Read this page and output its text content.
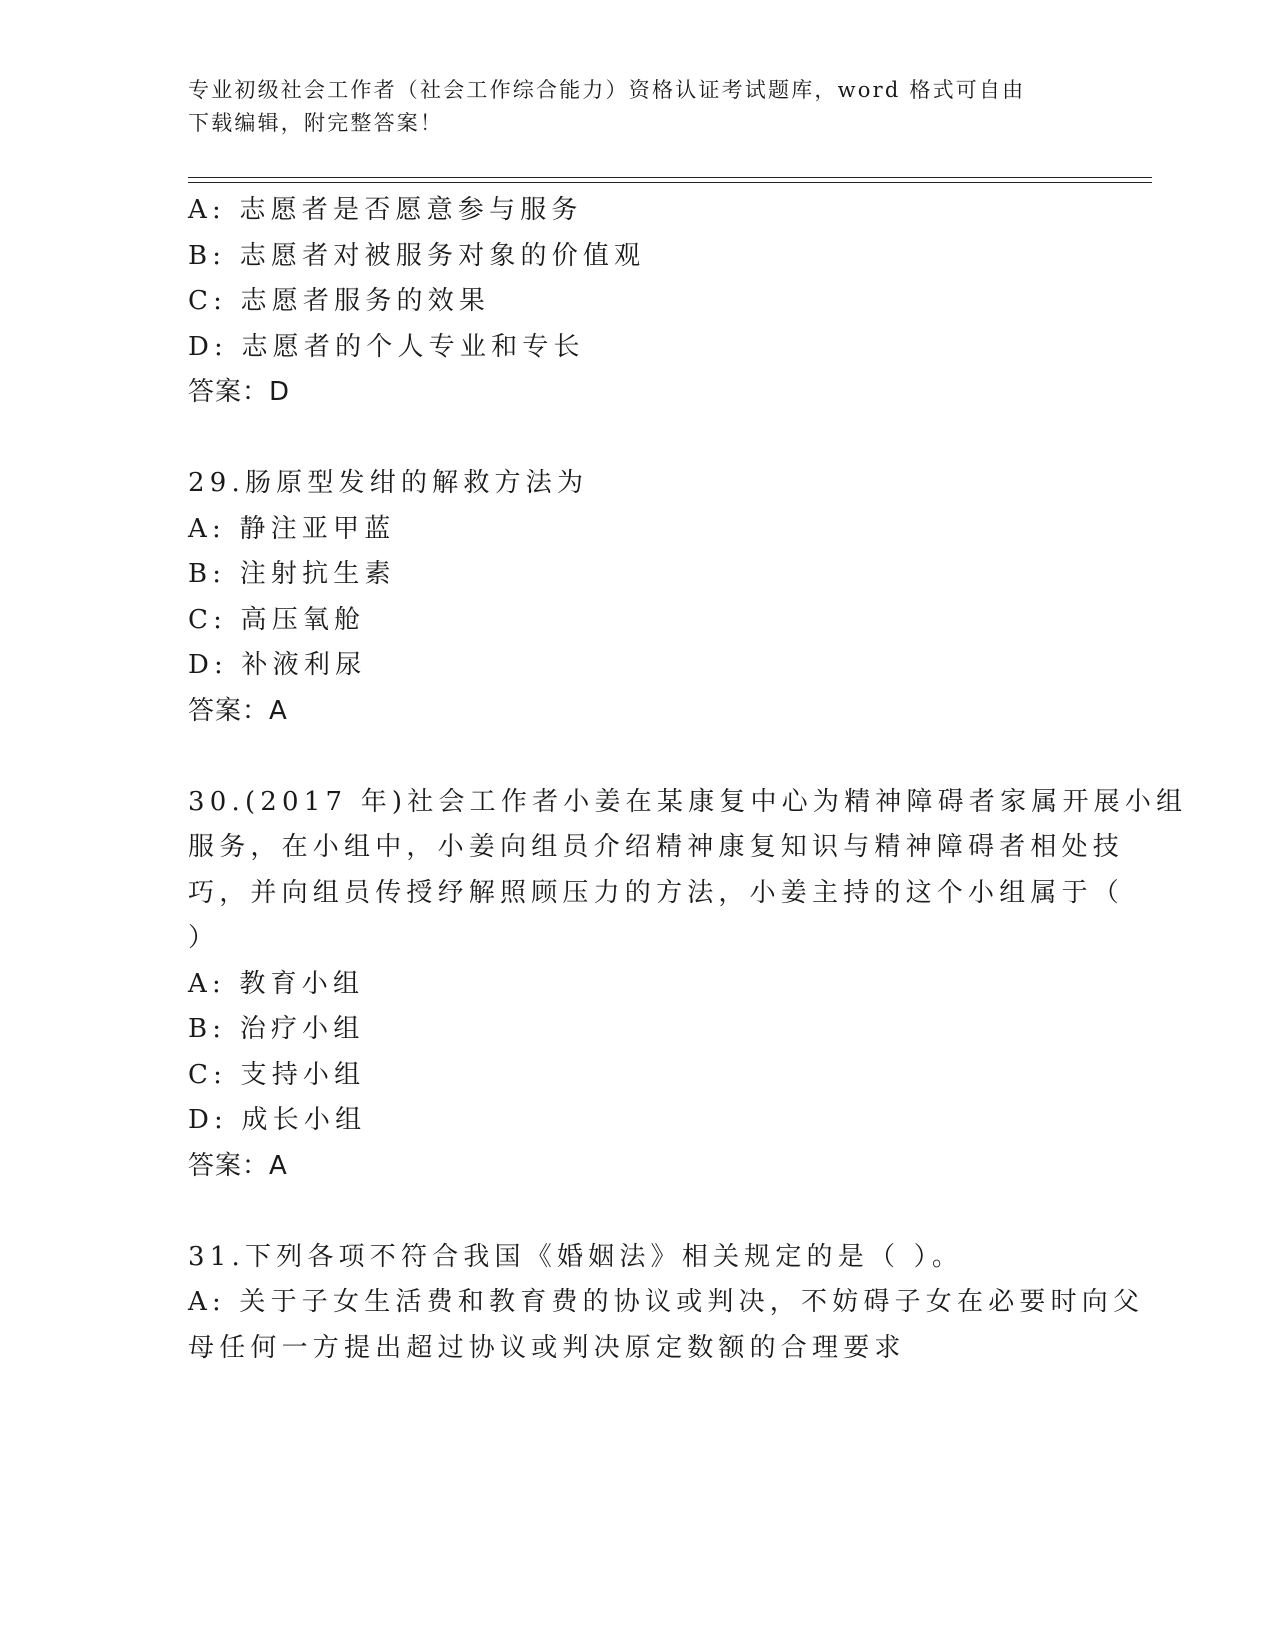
专业初级社会工作者（社会工作综合能力）资格认证考试题库，word 格式可自由
下载编辑，附完整答案！
A: 志愿者是否愿意参与服务
B: 志愿者对被服务对象的价值观
C: 志愿者服务的效果
D: 志愿者的个人专业和专长
答案：D
29.肠原型发绀的解救方法为
A: 静注亚甲蓝
B: 注射抗生素
C: 高压氧舱
D: 补液利尿
答案：A
30.(2017 年)社会工作者小姜在某康复中心为精神障碍者家属开展小组
服务，在小组中，小姜向组员介绍精神康复知识与精神障碍者相处技
巧，并向组员传授纾解照顾压力的方法，小姜主持的这个小组属于（
）
A: 教育小组
B: 治疗小组
C: 支持小组
D: 成长小组
答案：A
31.下列各项不符合我国《婚姻法》相关规定的是（ ）。
A: 关于子女生活费和教育费的协议或判决，不妨碍子女在必要时向父
母任何一方提出超过协议或判决原定数额的合理要求
